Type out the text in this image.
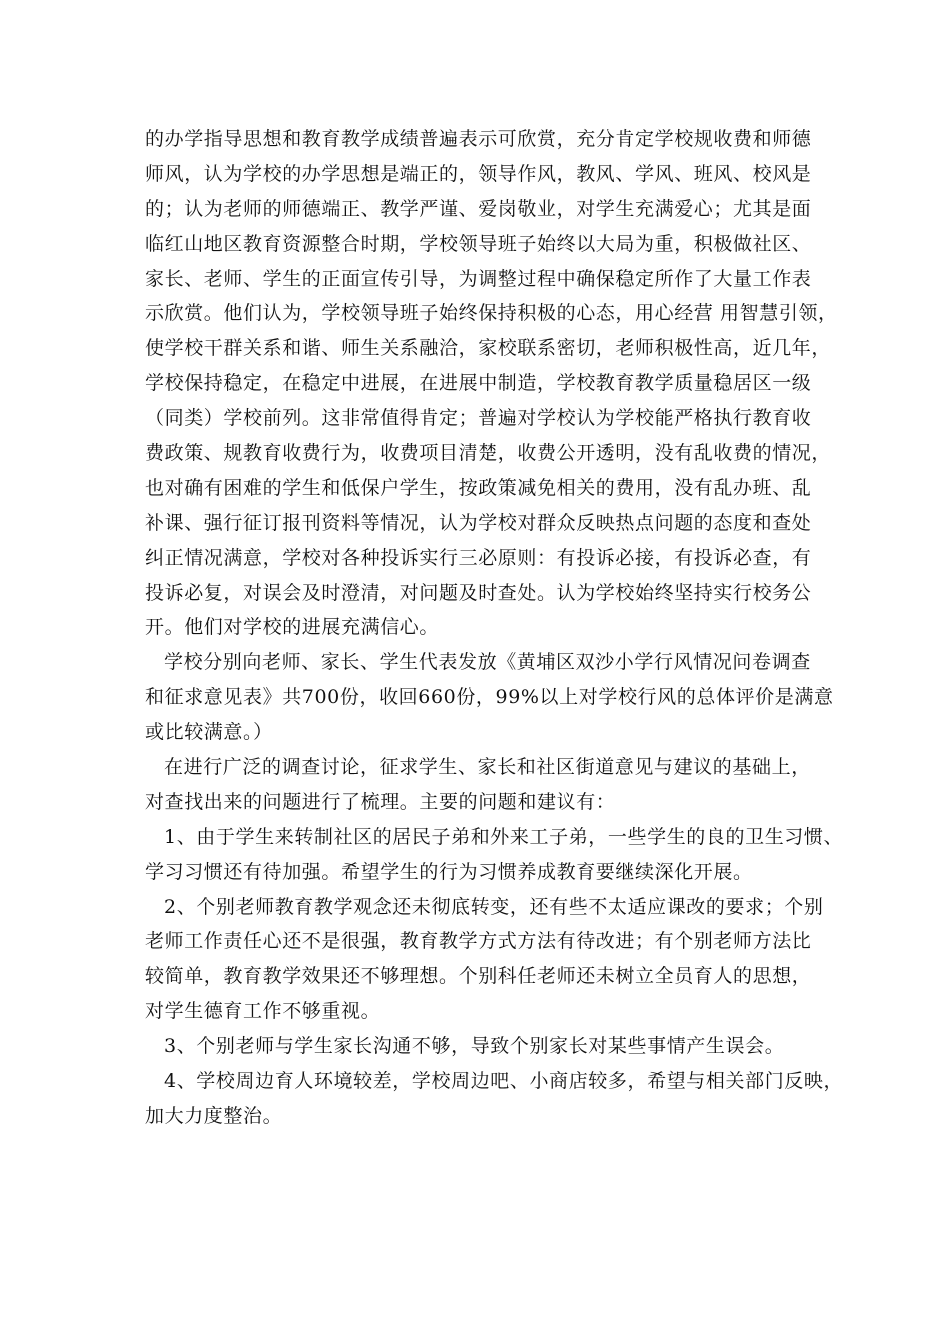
的办学指导思想和教育教学成绩普遍表示可欣赏，充分肯定学校规收费和师德
师风，认为学校的办学思想是端正的，领导作风，教风、学风、班风、校风是
的；认为老师的师德端正、教学严谨、爱岗敬业，对学生充满爱心；尤其是面
临红山地区教育资源整合时期，学校领导班子始终以大局为重，积极做社区、
家长、老师、学生的正面宣传引导，为调整过程中确保稳定所作了大量工作表
示欣赏。他们认为，学校领导班子始终保持积极的心态，用心经营 用智慧引领，
使学校干群关系和谐、师生关系融洽，家校联系密切，老师积极性高，近几年，
学校保持稳定，在稳定中进展，在进展中制造，学校教育教学质量稳居区一级
（同类）学校前列。这非常值得肯定；普遍对学校认为学校能严格执行教育收
费政策、规教育收费行为，收费项目清楚，收费公开透明，没有乱收费的情况，
也对确有困难的学生和低保户学生，按政策减免相关的费用，没有乱办班、乱
补课、强行征订报刊资料等情况，认为学校对群众反映热点问题的态度和查处
纠正情况满意，学校对各种投诉实行三必原则：有投诉必接，有投诉必查，有
投诉必复，对误会及时澄清，对问题及时查处。认为学校始终坚持实行校务公
开。他们对学校的进展充满信心。
学校分别向老师、家长、学生代表发放《黄埔区双沙小学行风情况问卷调查
和征求意见表》共700份，收回660份，99%以上对学校行风的总体评价是满意
或比较满意。）
在进行广泛的调查讨论，征求学生、家长和社区街道意见与建议的基础上，
对查找出来的问题进行了梳理。主要的问题和建议有：
1、由于学生来转制社区的居民子弟和外来工子弟，一些学生的良的卫生习惯、
学习习惯还有待加强。希望学生的行为习惯养成教育要继续深化开展。
2、个别老师教育教学观念还未彻底转变，还有些不太适应课改的要求；个别
老师工作责任心还不是很强，教育教学方式方法有待改进；有个别老师方法比
较简单，教育教学效果还不够理想。个别科任老师还未树立全员育人的思想，
对学生德育工作不够重视。
3、个别老师与学生家长沟通不够，导致个别家长对某些事情产生误会。
4、学校周边育人环境较差，学校周边吧、小商店较多，希望与相关部门反映，
加大力度整治。
